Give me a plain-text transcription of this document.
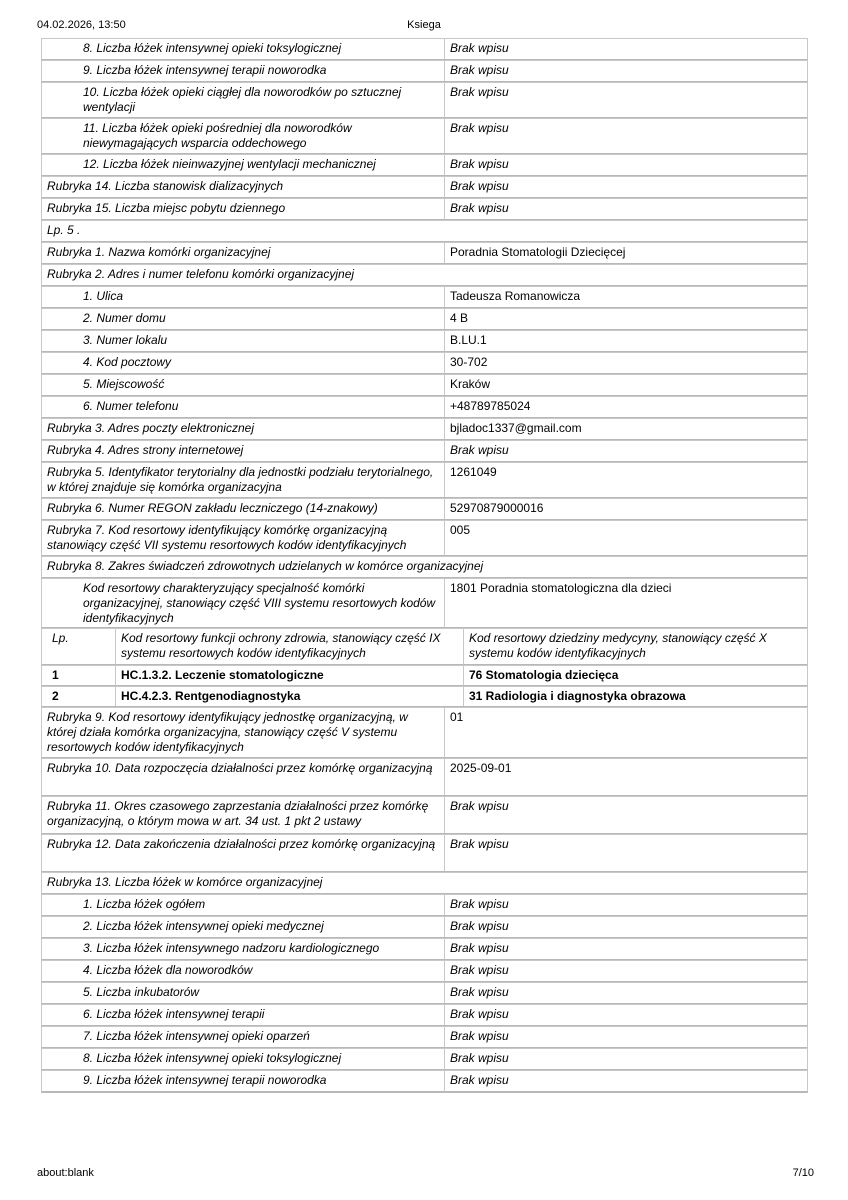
04.02.2026, 13:50	Ksiega
8. Liczba łóżek intensywnej opieki toksylogicznej	Brak wpisu
9. Liczba łóżek intensywnej terapii noworodka	Brak wpisu
10. Liczba łóżek opieki ciągłej dla noworodków po sztucznej wentylacji
Brak wpisu
11. Liczba łóżek opieki pośredniej dla noworodków niewymagających wsparcia oddechowego
Brak wpisu
12. Liczba łóżek nieinwazyjnej wentylacji mechanicznej	Brak wpisu
Rubryka 14. Liczba stanowisk dializacyjnych	Brak wpisu
Rubryka 15. Liczba miejsc pobytu dziennego	Brak wpisu
Lp. 5 .
Rubryka 1. Nazwa komórki organizacyjnej	Poradnia Stomatologii Dziecięcej
Rubryka 2. Adres i numer telefonu komórki organizacyjnej
1. Ulica	Tadeusza Romanowicza
2. Numer domu	4 B
3. Numer lokalu	B.LU.1
4. Kod pocztowy	30-702
5. Miejscowość	Kraków
6. Numer telefonu	+48789785024
Rubryka 3. Adres poczty elektronicznej	bjladoc1337@gmail.com
Rubryka 4. Adres strony internetowej	Brak wpisu
Rubryka 5. Identyfikator terytorialny dla jednostki podziału terytorialnego, w której znajduje się komórka organizacyjna
1261049
Rubryka 6. Numer REGON zakładu leczniczego (14-znakowy)	52970879000016
Rubryka 7. Kod resortowy identyfikujący komórkę organizacyjną stanowiący część VII systemu resortowych kodów identyfikacyjnych
005
Rubryka 8. Zakres świadczeń zdrowotnych udzielanych w komórce organizacyjnej
Kod resortowy charakteryzujący specjalność komórki organizacyjnej, stanowiący część VIII systemu resortowych kodów identyfikacyjnych
1801 Poradnia stomatologiczna dla dzieci
Lp.	Kod resortowy funkcji ochrony zdrowia, stanowiący część IX systemu resortowych kodów identyfikacyjnych
Kod resortowy dziedziny medycyny, stanowiący część X systemu kodów identyfikacyjnych
1	HC.1.3.2. Leczenie stomatologiczne	76 Stomatologia dziecięca
2	HC.4.2.3. Rentgenodiagnostyka	31 Radiologia i diagnostyka obrazowa
Rubryka 9. Kod resortowy identyfikujący jednostkę organizacyjną, w której działa komórka organizacyjna, stanowiący część V systemu resortowych kodów identyfikacyjnych
01
Rubryka 10. Data rozpoczęcia działalności przez komórkę organizacyjną	2025-09-01
Rubryka 11. Okres czasowego zaprzestania działalności przez komórkę organizacyjną, o którym mowa w art. 34 ust. 1 pkt 2 ustawy
Brak wpisu
Rubryka 12. Data zakończenia działalności przez komórkę organizacyjną	Brak wpisu
Rubryka 13. Liczba łóżek w komórce organizacyjnej
1. Liczba łóżek ogółem	Brak wpisu
2. Liczba łóżek intensywnej opieki medycznej	Brak wpisu
3. Liczba łóżek intensywnego nadzoru kardiologicznego	Brak wpisu
4. Liczba łóżek dla noworodków	Brak wpisu
5. Liczba inkubatorów	Brak wpisu
6. Liczba łóżek intensywnej terapii	Brak wpisu
7. Liczba łóżek intensywnej opieki oparzeń	Brak wpisu
8. Liczba łóżek intensywnej opieki toksylogicznej	Brak wpisu
9. Liczba łóżek intensywnej terapii noworodka	Brak wpisu
about:blank	7/10
